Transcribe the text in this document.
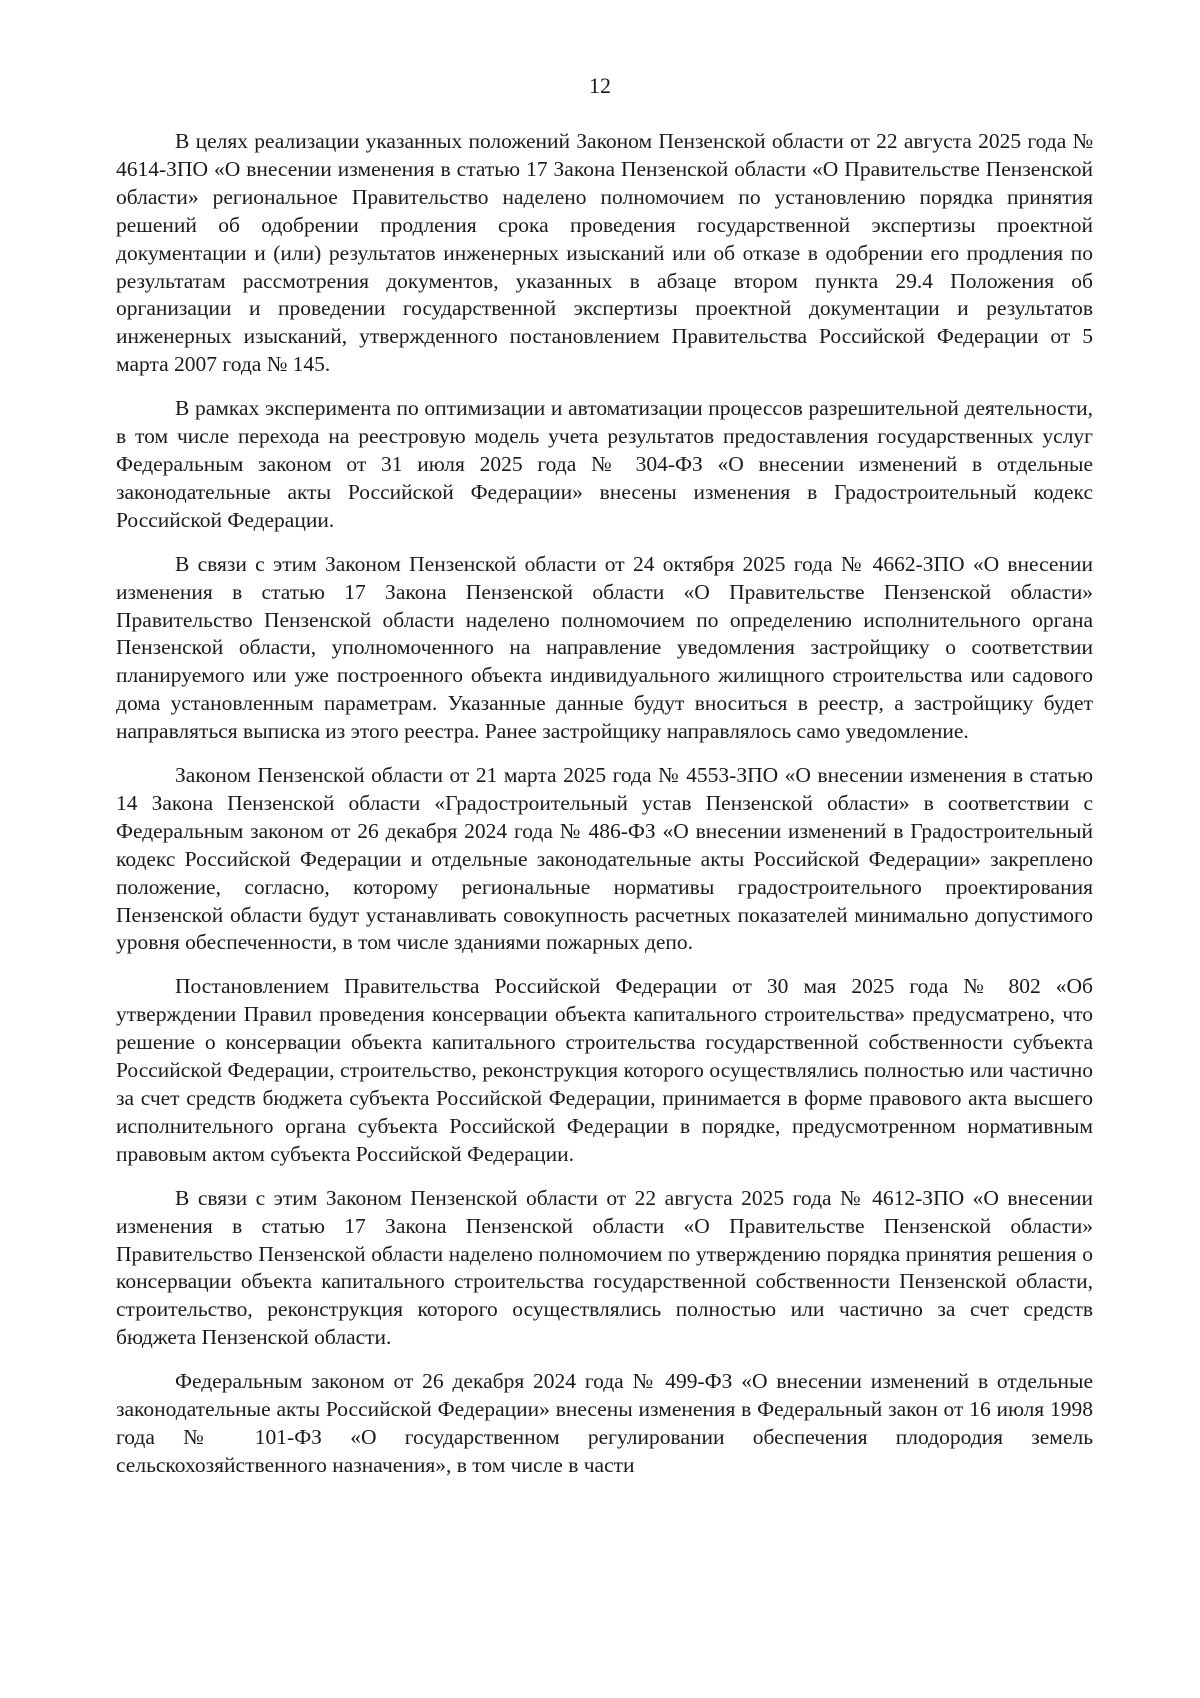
12

В целях реализации указанных положений Законом Пензенской области от 22 августа 2025 года № 4614-ЗПО «О внесении изменения в статью 17 Закона Пензенской области «О Правительстве Пензенской области» региональное Правительство наделено полномочием по установлению порядка принятия решений об одобрении продления срока проведения государственной экспертизы проектной документации и (или) результатов инженерных изысканий или об отказе в одобрении его продления по результатам рассмотрения документов, указанных в абзаце втором пункта 29.4 Положения об организации и проведении государственной экспертизы проектной документации и результатов инженерных изысканий, утвержденного постановлением Правительства Российской Федерации от 5 марта 2007 года № 145.

В рамках эксперимента по оптимизации и автоматизации процессов разрешительной деятельности, в том числе перехода на реестровую модель учета результатов предоставления государственных услуг Федеральным законом от 31 июля 2025 года № 304-ФЗ «О внесении изменений в отдельные законодательные акты Российской Федерации» внесены изменения в Градостроительный кодекс Российской Федерации.

В связи с этим Законом Пензенской области от 24 октября 2025 года № 4662-ЗПО «О внесении изменения в статью 17 Закона Пензенской области «О Правительстве Пензенской области» Правительство Пензенской области наделено полномочием по определению исполнительного органа Пензенской области, уполномоченного на направление уведомления застройщику о соответствии планируемого или уже построенного объекта индивидуального жилищного строительства или садового дома установленным параметрам. Указанные данные будут вноситься в реестр, а застройщику будет направляться выписка из этого реестра. Ранее застройщику направлялось само уведомление.

Законом Пензенской области от 21 марта 2025 года № 4553-ЗПО «О внесении изменения в статью 14 Закона Пензенской области «Градостроительный устав Пензенской области» в соответствии с Федеральным законом от 26 декабря 2024 года № 486-ФЗ «О внесении изменений в Градостроительный кодекс Российской Федерации и отдельные законодательные акты Российской Федерации» закреплено положение, согласно, которому региональные нормативы градостроительного проектирования Пензенской области будут устанавливать совокупность расчетных показателей минимально допустимого уровня обеспеченности, в том числе зданиями пожарных депо.

Постановлением Правительства Российской Федерации от 30 мая 2025 года № 802 «Об утверждении Правил проведения консервации объекта капитального строительства» предусматрено, что решение о консервации объекта капитального строительства государственной собственности субъекта Российской Федерации, строительство, реконструкция которого осуществлялись полностью или частично за счет средств бюджета субъекта Российской Федерации, принимается в форме правового акта высшего исполнительного органа субъекта Российской Федерации в порядке, предусмотренном нормативным правовым актом субъекта Российской Федерации.

В связи с этим Законом Пензенской области от 22 августа 2025 года № 4612-ЗПО «О внесении изменения в статью 17 Закона Пензенской области «О Правительстве Пензенской области» Правительство Пензенской области наделено полномочием по утверждению порядка принятия решения о консервации объекта капитального строительства государственной собственности Пензенской области, строительство, реконструкция которого осуществлялись полностью или частично за счет средств бюджета Пензенской области.

Федеральным законом от 26 декабря 2024 года № 499-ФЗ «О внесении изменений в отдельные законодательные акты Российской Федерации» внесены изменения в Федеральный закон от 16 июля 1998 года № 101-ФЗ «О государственном регулировании обеспечения плодородия земель сельскохозяйственного назначения», в том числе в части
